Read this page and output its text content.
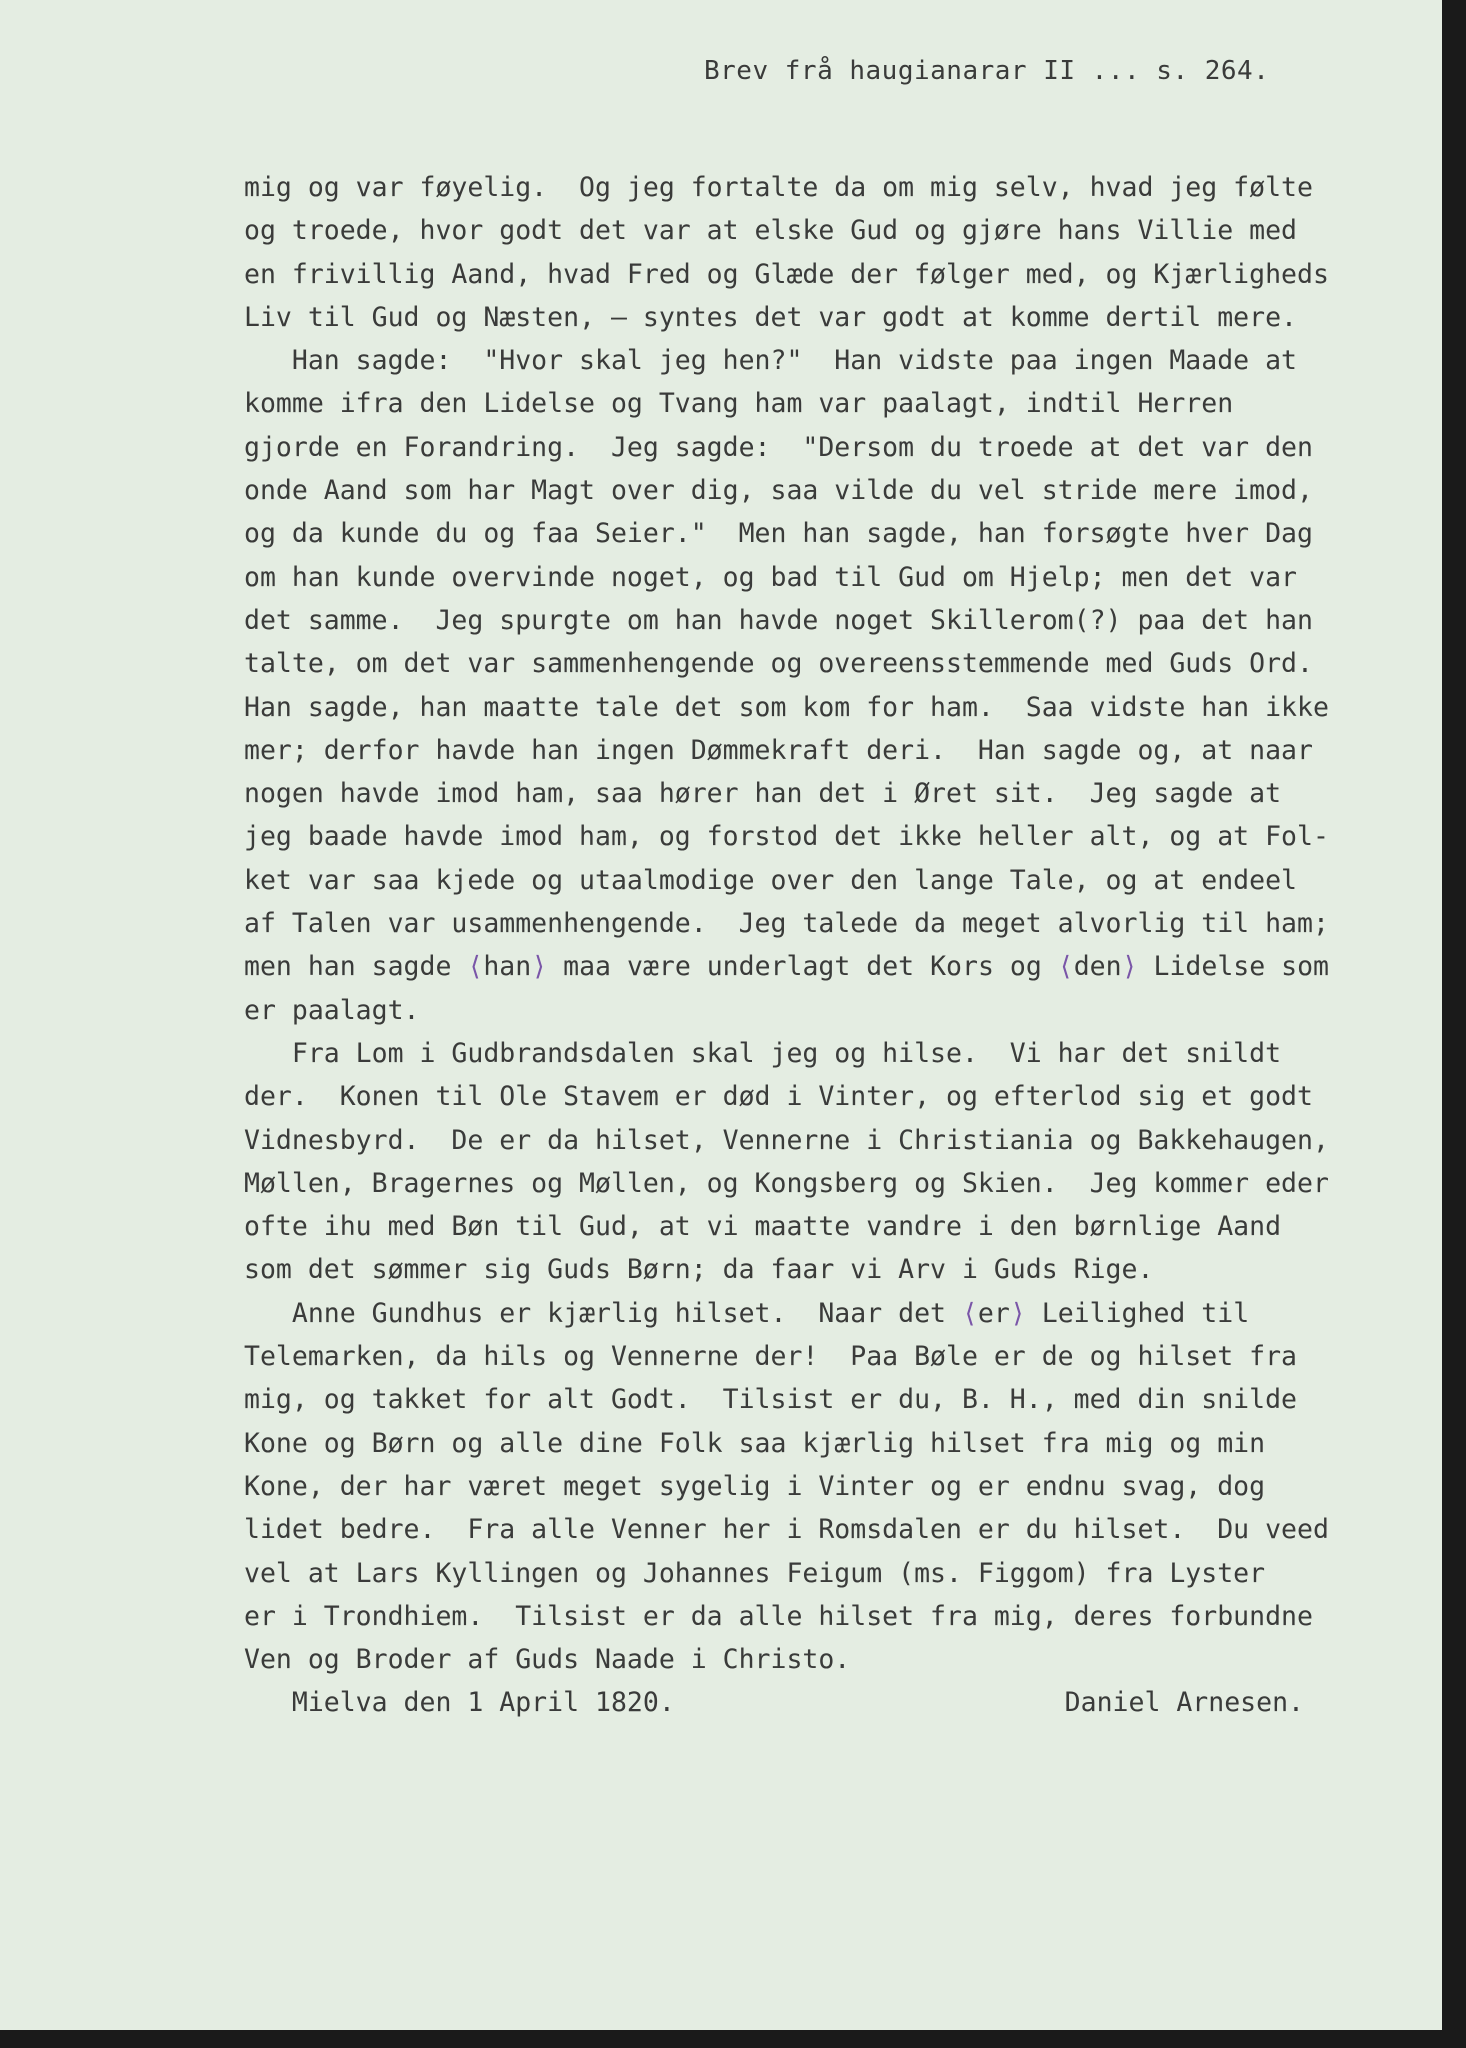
Brev frå haugianarar II ... s. 264.
mig og var føyelig.  Og jeg fortalte da om mig selv, hvad jeg følte
og troede, hvor godt det var at elske Gud og gjøre hans Villie med
en frivillig Aand, hvad Fred og Glæde der følger med, og Kjærligheds
Liv til Gud og Næsten, — syntes det var godt at komme dertil mere.
Han sagde:  "Hvor skal jeg hen?"  Han vidste paa ingen Maade at
komme ifra den Lidelse og Tvang ham var paalagt, indtil Herren
gjorde en Forandring.  Jeg sagde:  "Dersom du troede at det var den
onde Aand som har Magt over dig, saa vilde du vel stride mere imod,
og da kunde du og faa Seier."  Men han sagde, han forsøgte hver Dag
om han kunde overvinde noget, og bad til Gud om Hjelp; men det var
det samme.  Jeg spurgte om han havde noget Skillerom(?) paa det han
talte, om det var sammenhengende og overeensstemmende med Guds Ord.
Han sagde, han maatte tale det som kom for ham.  Saa vidste han ikke
mer; derfor havde han ingen Dømmekraft deri.  Han sagde og, at naar
nogen havde imod ham, saa hører han det i Øret sit.  Jeg sagde at
jeg baade havde imod ham, og forstod det ikke heller alt, og at Fol-
ket var saa kjede og utaalmodige over den lange Tale, og at endeel
af Talen var usammenhengende.  Jeg talede da meget alvorlig til ham;
men han sagde ⟨han⟩ maa være underlagt det Kors og ⟨den⟩ Lidelse som
er paalagt.
Fra Lom i Gudbrandsdalen skal jeg og hilse.  Vi har det snildt
der.  Konen til Ole Stavem er død i Vinter, og efterlod sig et godt
Vidnesbyrd.  De er da hilset, Vennerne i Christiania og Bakkehaugen,
Møllen, Bragernes og Møllen, og Kongsberg og Skien.  Jeg kommer eder
ofte ihu med Bøn til Gud, at vi maatte vandre i den børnlige Aand
som det sømmer sig Guds Børn; da faar vi Arv i Guds Rige.
Anne Gundhus er kjærlig hilset.  Naar det ⟨er⟩ Leilighed til
Telemarken, da hils og Vennerne der!  Paa Bøle er de og hilset fra
mig, og takket for alt Godt.  Tilsist er du, B. H., med din snilde
Kone og Børn og alle dine Folk saa kjærlig hilset fra mig og min
Kone, der har været meget sygelig i Vinter og er endnu svag, dog
lidet bedre.  Fra alle Venner her i Romsdalen er du hilset.  Du veed
vel at Lars Kyllingen og Johannes Feigum (ms. Figgom) fra Lyster
er i Trondhiem.  Tilsist er da alle hilset fra mig, deres forbundne
Ven og Broder af Guds Naade i Christo.
Mielva den 1 April 1820.	Daniel Arnesen.
